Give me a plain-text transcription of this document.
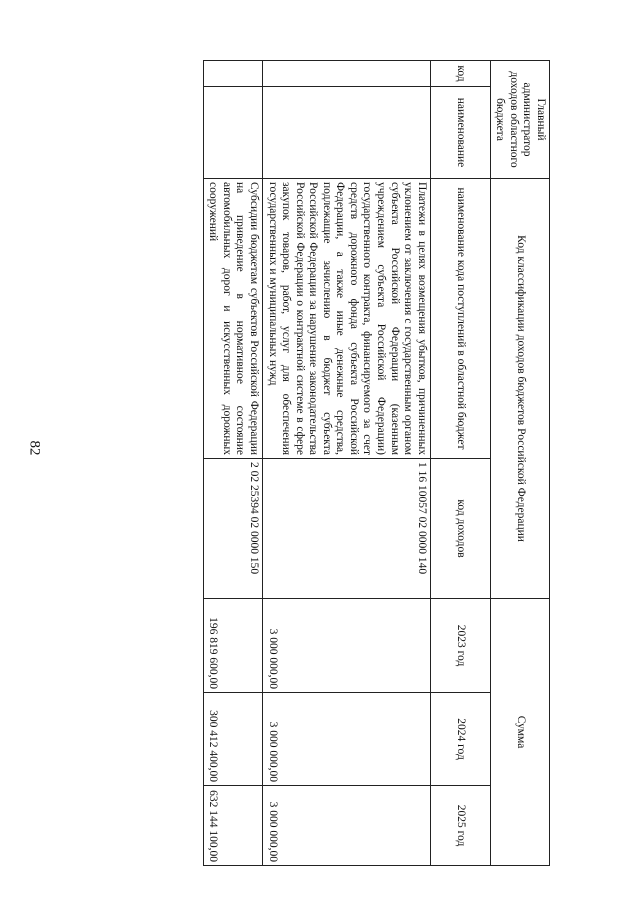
82
Главный администратор доходов областного бюджета		Код классификации доходов бюджетов Российской Федерации		Сумма		
код	наименование	наименование кода поступлений в областной бюджет	код доходов	2023 год	2024 год	2025 год
		Платежи в целях возмещения убытков, причиненных уклонением от заключения с государственным органом субъекта Российской Федерации (казенным учреждением субъекта Российской Федерации) государственного контракта, финансируемого за счет средств дорожного фонда субъекта Российской Федерации, а также иные денежные средства, подлежащие зачислению в бюджет субъекта Российской Федерации за нарушение законодательства Российской Федерации о контрактной системе в сфере закупок товаров, работ, услуг для обеспечения государственных и муниципальных нужд	1 16 10057 02 0000 140	3 000 000,00	3 000 000,00	3 000 000,00
		Субсидии бюджетам субъектов Российской Федерации на приведение в нормативное состояние автомобильных дорог и искусственных дорожных сооружений	2 02 25394 02 0000 150	196 819 600,00	300 412 400,00	632 144 100,00
